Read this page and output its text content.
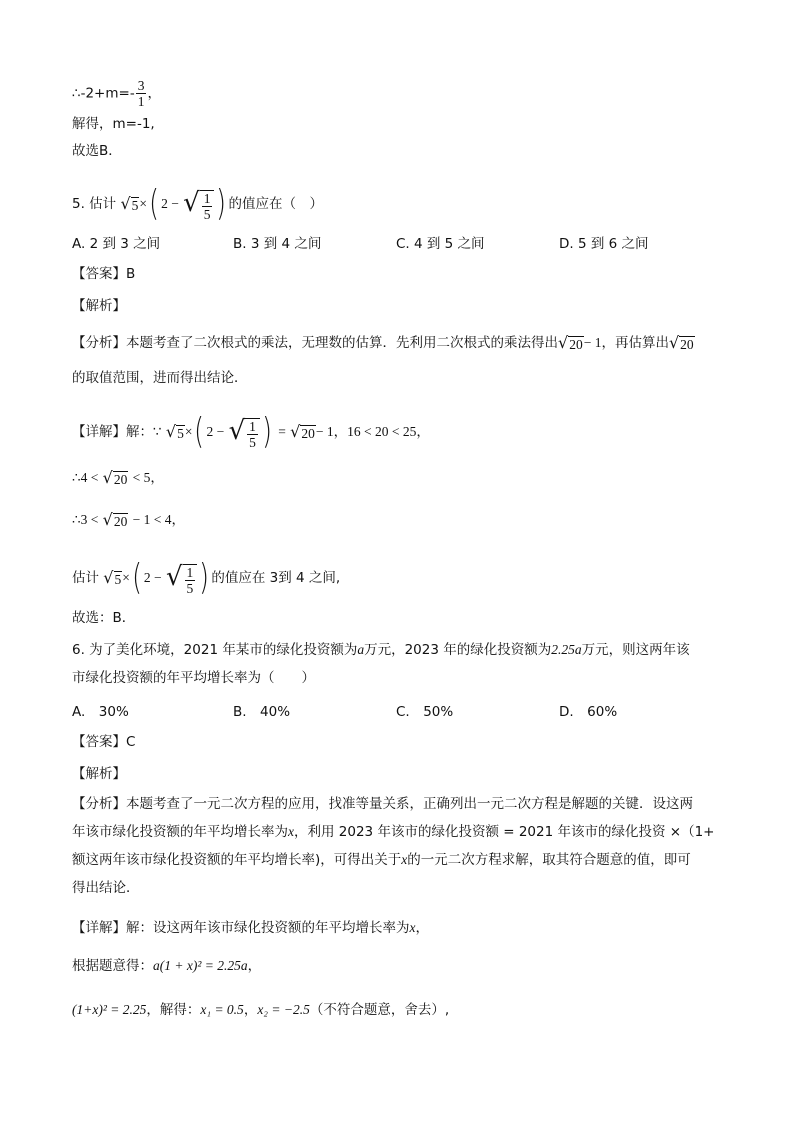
∴-2+m=- $\frac{3}{1}$ ，
解得，m=-1,
故选B．
5. 估计 √ 5 ×( 2 − √ $\frac{1}{5}$ ) 的值应在（　）
A. 2 到 3 之间	B. 3 到 4 之间	C. 4 到 5 之间	D. 5 到 6 之间
【答案】B
【解析】
【分析】本题考查了二次根式的乘法，无理数的估算．先利用二次根式的乘法得出 √ 20 − 1，再估算出 √ 20
的取值范围，进而得出结论．
【详解】解：∵ √ 5 ×( 2 − √ $\frac{1}{5}$ ) = √ 20 − 1，16 < 20 < 25，
∴4 < √ 20 < 5，
∴3 < √ 20 − 1 < 4，
估计 √ 5 ×( 2 − √ $\frac{1}{5}$ ) 的值应在 3到 4 之间,
故选：B．
6. 为了美化环境，2021 年某市的绿化投资额为a万元，2023 年的绿化投资额为2.25a万元，则这两年该
市绿化投资额的年平均增长率为（　　）
A.　30%	B.　40%	C.　50%	D.　60%
【答案】C
【解析】
【分析】本题考查了一元二次方程的应用，找准等量关系，正确列出一元二次方程是解题的关键．设这两
年该市绿化投资额的年平均增长率为x，利用 2023 年该市的绿化投资额 = 2021 年该市的绿化投资 ×（1+
额这两年该市绿化投资额的年平均增长率)，可得出关于x的一元二次方程求解，取其符合题意的值，即可
得出结论．
【详解】解：设这两年该市绿化投资额的年平均增长率为x，
根据题意得：a(1 + x)² = 2.25a，
(1+x)² = 2.25，解得：x₁ = 0.5，x₂ = −2.5（不符合题意，舍去）,
